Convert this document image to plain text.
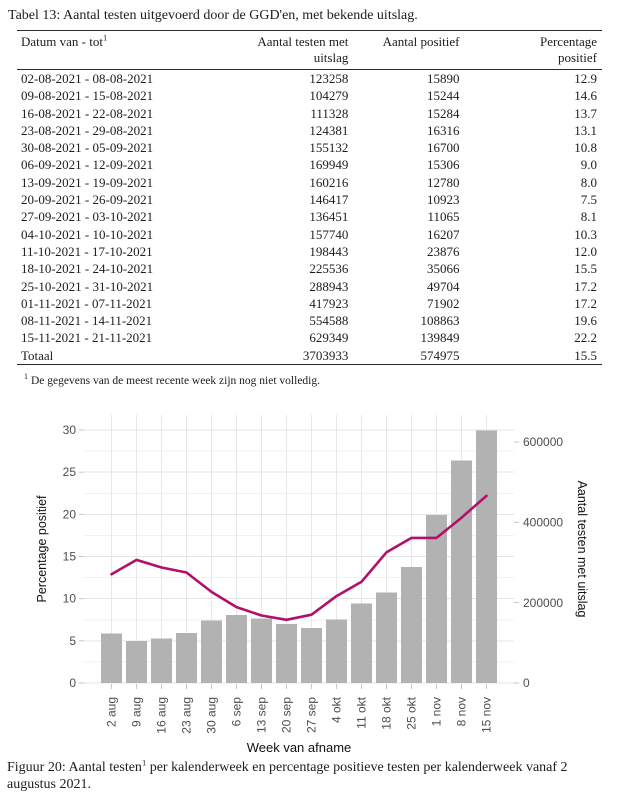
Tabel 13: Aantal testen uitgevoerd door de GGD'en, met bekende uitslag.
Datum van - tot$^1$	Aantal testen met uitslag	Aantal positief	Percentage positief

02-08-2021 - 08-08-2021	123258	15890	12.9
09-08-2021 - 15-08-2021	104279	15244	14.6
16-08-2021 - 22-08-2021	111328	15284	13.7
23-08-2021 - 29-08-2021	124381	16316	13.1
30-08-2021 - 05-09-2021	155132	16700	10.8
06-09-2021 - 12-09-2021	169949	15306	9.0
13-09-2021 - 19-09-2021	160216	12780	8.0
20-09-2021 - 26-09-2021	146417	10923	7.5
27-09-2021 - 03-10-2021	136451	11065	8.1
04-10-2021 - 10-10-2021	157740	16207	10.3
11-10-2021 - 17-10-2021	198443	23876	12.0
18-10-2021 - 24-10-2021	225536	35066	15.5
25-10-2021 - 31-10-2021	288943	49704	17.2
01-11-2021 - 07-11-2021	417923	71902	17.2
08-11-2021 - 14-11-2021	554588	108863	19.6
15-11-2021 - 21-11-2021	629349	139849	22.2
Totaal	3703933	574975	15.5
$^1$ De gegevens van de meest recente week zijn nog niet volledig.
0
5
10
15
20
25
30
0
200000
400000
600000
2 aug 9 aug 16 aug 23 aug 30 aug 6 sep 13 sep 20 sep 27 sep 4 okt 11 okt 18 okt 25 okt 1 nov 8 nov 15 nov
Percentage positief	Aantal testen met uitslag
Week van afname
Figuur 20: Aantal testen$^1$ per kalenderweek en percentage positieve testen per kalenderweek vanaf 2 augustus 2021.
